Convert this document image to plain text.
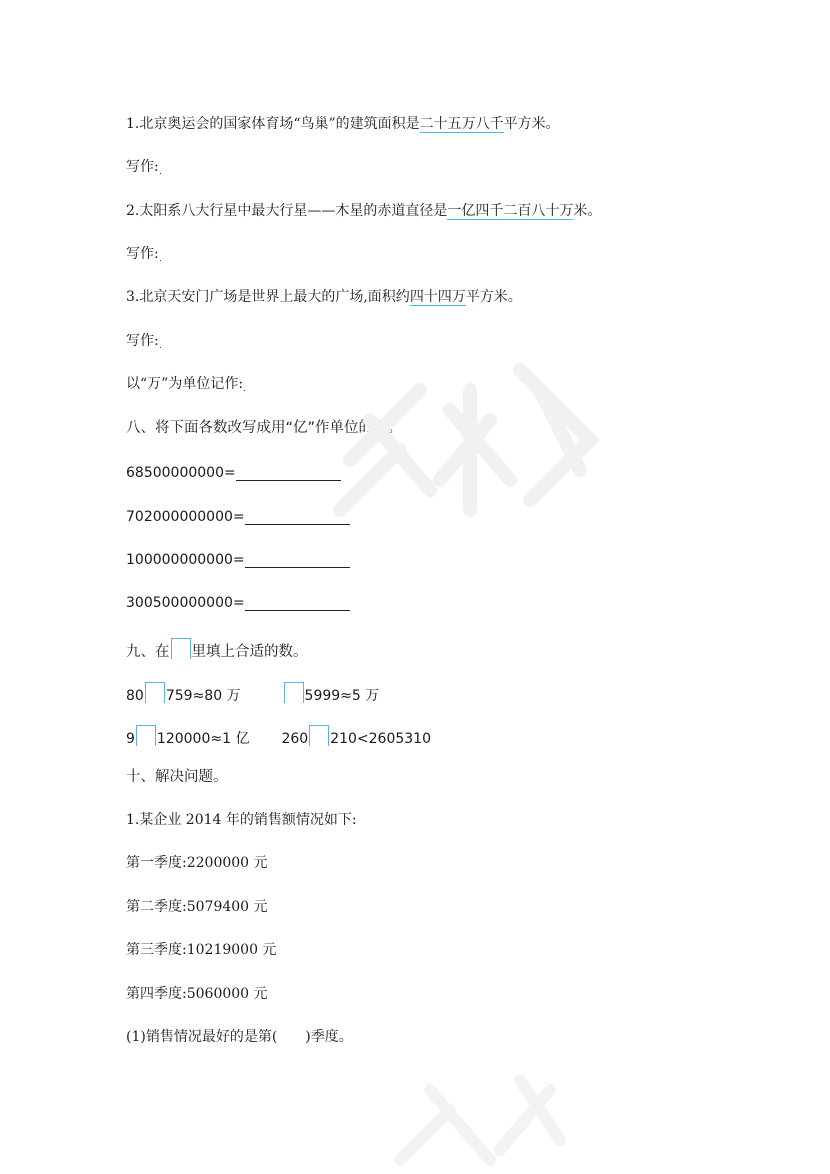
1.北京奥运会的国家体育场“鸟巢”的建筑面积是二十五万八千平方米。
写作:
2.太阳系八大行星中最大行星——木星的赤道直径是一亿四千二百八十万米。
写作:
3.北京天安门广场是世界上最大的广场,面积约四十四万平方米。
写作:
以“万”为单位记作:
八、将下面各数改写成用“亿”作单位的数。
68500000000=
702000000000=
100000000000=
300500000000=
九、在 里填上合适的数。
80 759≈80 万	5999≈5 万
9 120000≈1 亿 260 210<2605310
十、解决问题。
1.某企业 2014 年的销售额情况如下:
第一季度:2200000 元
第二季度:5079400 元
第三季度:10219000 元
第四季度:5060000 元
(1)销售情况最好的是第( )季度。
